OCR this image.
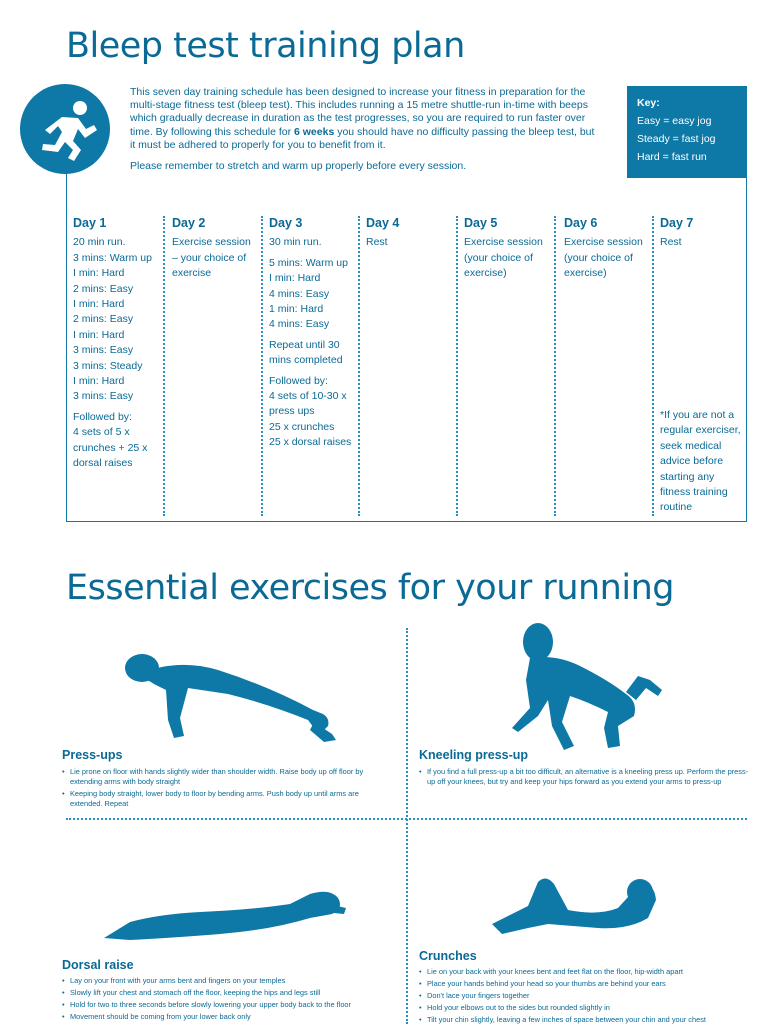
Bleep test training plan

This seven day training schedule has been designed to increase your fitness in preparation for the multi-stage fitness test (bleep test). This includes running a 15 metre shuttle-run in-time with beeps which gradually decrease in duration as the test progresses, so you are required to run faster over time. By following this schedule for 6 weeks you should have no difficulty passing the bleep test, but it must be adhered to properly for you to benefit from it.

Please remember to stretch and warm up properly before every session.

Key:
Easy = easy jog
Steady = fast jog
Hard = fast run
Day 1
20 min run.
3 mins: Warm up
I min: Hard
2 mins: Easy
I min: Hard
2 mins: Easy
I min: Hard
3 mins: Easy
3 mins: Steady
I min: Hard
3 mins: Easy
Followed by:
4 sets of 5 x
crunches + 25 x
dorsal raises
Day 2
Exercise session
– your choice of
exercise
Day 3
30 min run.
5 mins: Warm up
I min: Hard
4 mins: Easy
1 min: Hard
4 mins: Easy
Repeat until 30
mins completed
Followed by:
4 sets of 10-30 x
press ups
25 x crunches
25 x dorsal raises
Day 4
Rest
Day 5
Exercise session
(your choice of
exercise)
Day 6
Exercise session
(your choice of
exercise)
Day 7
Rest
*If you are not a
regular exerciser,
seek medical
advice before
starting any
fitness training
routine
Essential exercises for your running
Press-ups
• Lie prone on floor with hands slightly wider than shoulder width. Raise body up off floor by extending arms with body straight
• Keeping body straight, lower body to floor by bending arms. Push body up until arms are extended. Repeat
Kneeling press-up
• If you find a full press-up a bit too difficult, an alternative is a kneeling press up. Perform the press-up off your knees, but try and keep your hips forward as you extend your arms to press-up
Dorsal raise
• Lay on your front with your arms bent and fingers on your temples
• Slowly lift your chest and stomach off the floor, keeping the hips and legs still
• Hold for two to three seconds before slowly lowering your upper body back to the floor
• Movement should be coming from your lower back only
Crunches
• Lie on your back with your knees bent and feet flat on the floor, hip-width apart
• Place your hands behind your head so your thumbs are behind your ears
• Don't lace your fingers together
• Hold your elbows out to the sides but rounded slightly in
• Tilt your chin slightly, leaving a few inches of space between your chin and your chest
